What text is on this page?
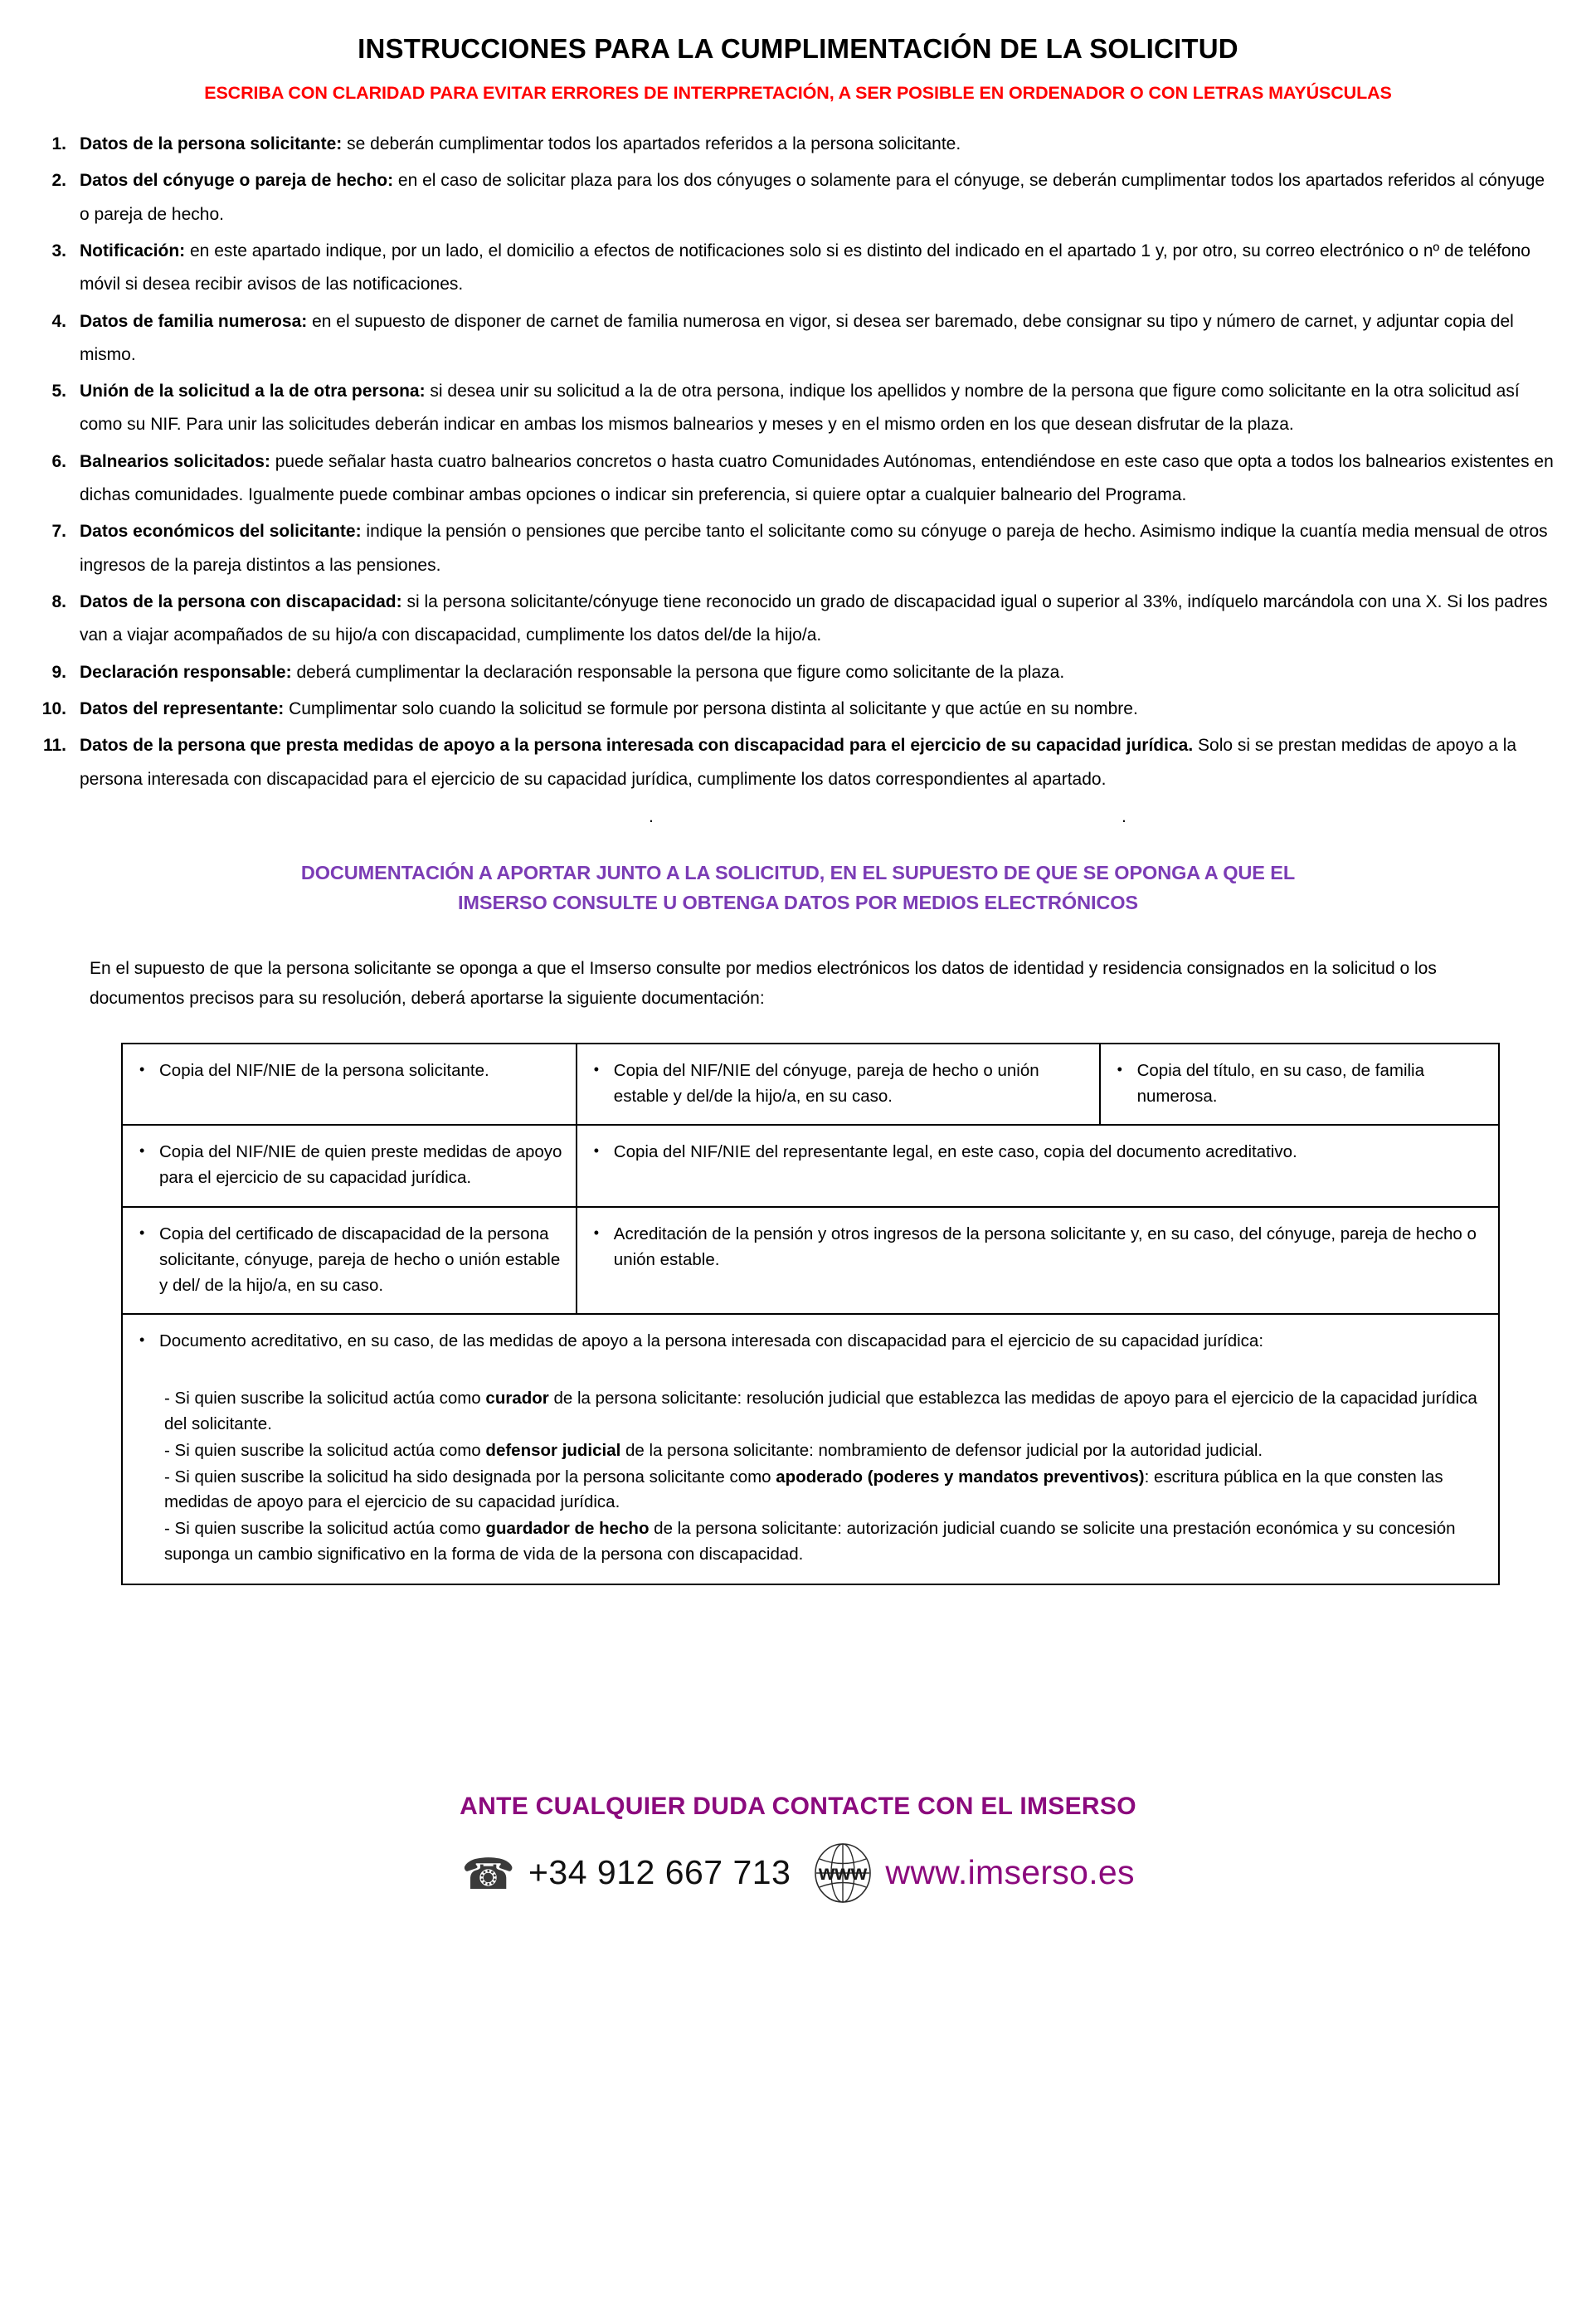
INSTRUCCIONES PARA LA CUMPLIMENTACIÓN DE LA SOLICITUD
ESCRIBA CON CLARIDAD PARA EVITAR ERRORES DE INTERPRETACIÓN, A SER POSIBLE EN ORDENADOR O CON LETRAS MAYÚSCULAS
1. Datos de la persona solicitante: se deberán cumplimentar todos los apartados referidos a la persona solicitante.
2. Datos del cónyuge o pareja de hecho: en el caso de solicitar plaza para los dos cónyuges o solamente para el cónyuge, se deberán cumplimentar todos los apartados referidos al cónyuge o pareja de hecho.
3. Notificación: en este apartado indique, por un lado, el domicilio a efectos de notificaciones solo si es distinto del indicado en el apartado 1 y, por otro, su correo electrónico o nº de teléfono móvil si desea recibir avisos de las notificaciones.
4. Datos de familia numerosa: en el supuesto de disponer de carnet de familia numerosa en vigor, si desea ser baremado, debe consignar su tipo y número de carnet, y adjuntar copia del mismo.
5. Unión de la solicitud a la de otra persona: si desea unir su solicitud a la de otra persona, indique los apellidos y nombre de la persona que figure como solicitante en la otra solicitud así como su NIF. Para unir las solicitudes deberán indicar en ambas los mismos balnearios y meses y en el mismo orden en los que desean disfrutar de la plaza.
6. Balnearios solicitados: puede señalar hasta cuatro balnearios concretos o hasta cuatro Comunidades Autónomas, entendiéndose en este caso que opta a todos los balnearios existentes en dichas comunidades. Igualmente puede combinar ambas opciones o indicar sin preferencia, si quiere optar a cualquier balneario del Programa.
7. Datos económicos del solicitante: indique la pensión o pensiones que percibe tanto el solicitante como su cónyuge o pareja de hecho. Asimismo indique la cuantía media mensual de otros ingresos de la pareja distintos a las pensiones.
8. Datos de la persona con discapacidad: si la persona solicitante/cónyuge tiene reconocido un grado de discapacidad igual o superior al 33%, indíquelo marcándola con una X. Si los padres van a viajar acompañados de su hijo/a con discapacidad, cumplimente los datos del/de la hijo/a.
9. Declaración responsable: deberá cumplimentar la declaración responsable la persona que figure como solicitante de la plaza.
10. Datos del representante: Cumplimentar solo cuando la solicitud se formule por persona distinta al solicitante y que actúe en su nombre.
11. Datos de la persona que presta medidas de apoyo a la persona interesada con discapacidad para el ejercicio de su capacidad jurídica. Solo si se prestan medidas de apoyo a la persona interesada con discapacidad para el ejercicio de su capacidad jurídica, cumplimente los datos correspondientes al apartado.
.	.
DOCUMENTACIÓN A APORTAR JUNTO A LA SOLICITUD, EN EL SUPUESTO DE QUE SE OPONGA A QUE EL
IMSERSO CONSULTE U OBTENGA DATOS POR MEDIOS ELECTRÓNICOS
En el supuesto de que la persona solicitante se oponga a que el Imserso consulte por medios electrónicos los datos de identidad y residencia consignados en la solicitud o los documentos precisos para su resolución, deberá aportarse la siguiente documentación:
• Copia del NIF/NIE de la persona solicitante.	• Copia del NIF/NIE del cónyuge, pareja de hecho o unión estable y del/de la hijo/a, en su caso.	• Copia del título, en su caso, de familia numerosa.

• Copia del NIF/NIE de quien preste medidas de apoyo para el ejercicio de su capacidad jurídica.	• Copia del NIF/NIE del representante legal, en este caso, copia del documento acreditativo.	

• Copia del certificado de discapacidad de la persona solicitante, cónyuge, pareja de hecho o unión estable y del/ de la hijo/a, en su caso.	• Acreditación de la pensión y otros ingresos de la persona solicitante y, en su caso, del cónyuge, pareja de hecho o unión estable.	

• Documento acreditativo, en su caso, de las medidas de apoyo a la persona interesada con discapacidad para el ejercicio de su capacidad jurídica:
- Si quien suscribe la solicitud actúa como curador de la persona solicitante: resolución judicial que establezca las medidas de apoyo para el ejercicio de la capacidad jurídica del solicitante.
- Si quien suscribe la solicitud actúa como defensor judicial de la persona solicitante: nombramiento de defensor judicial por la autoridad judicial.
- Si quien suscribe la solicitud ha sido designada por la persona solicitante como apoderado (poderes y mandatos preventivos): escritura pública en la que consten las medidas de apoyo para el ejercicio de su capacidad jurídica.
- Si quien suscribe la solicitud actúa como guardador de hecho de la persona solicitante: autorización judicial cuando se solicite una prestación económica y su concesión suponga un cambio significativo en la forma de vida de la persona con discapacidad.
ANTE CUALQUIER DUDA CONTACTE CON EL IMSERSO
☎ +34 912 667 713 www www.imserso.es
